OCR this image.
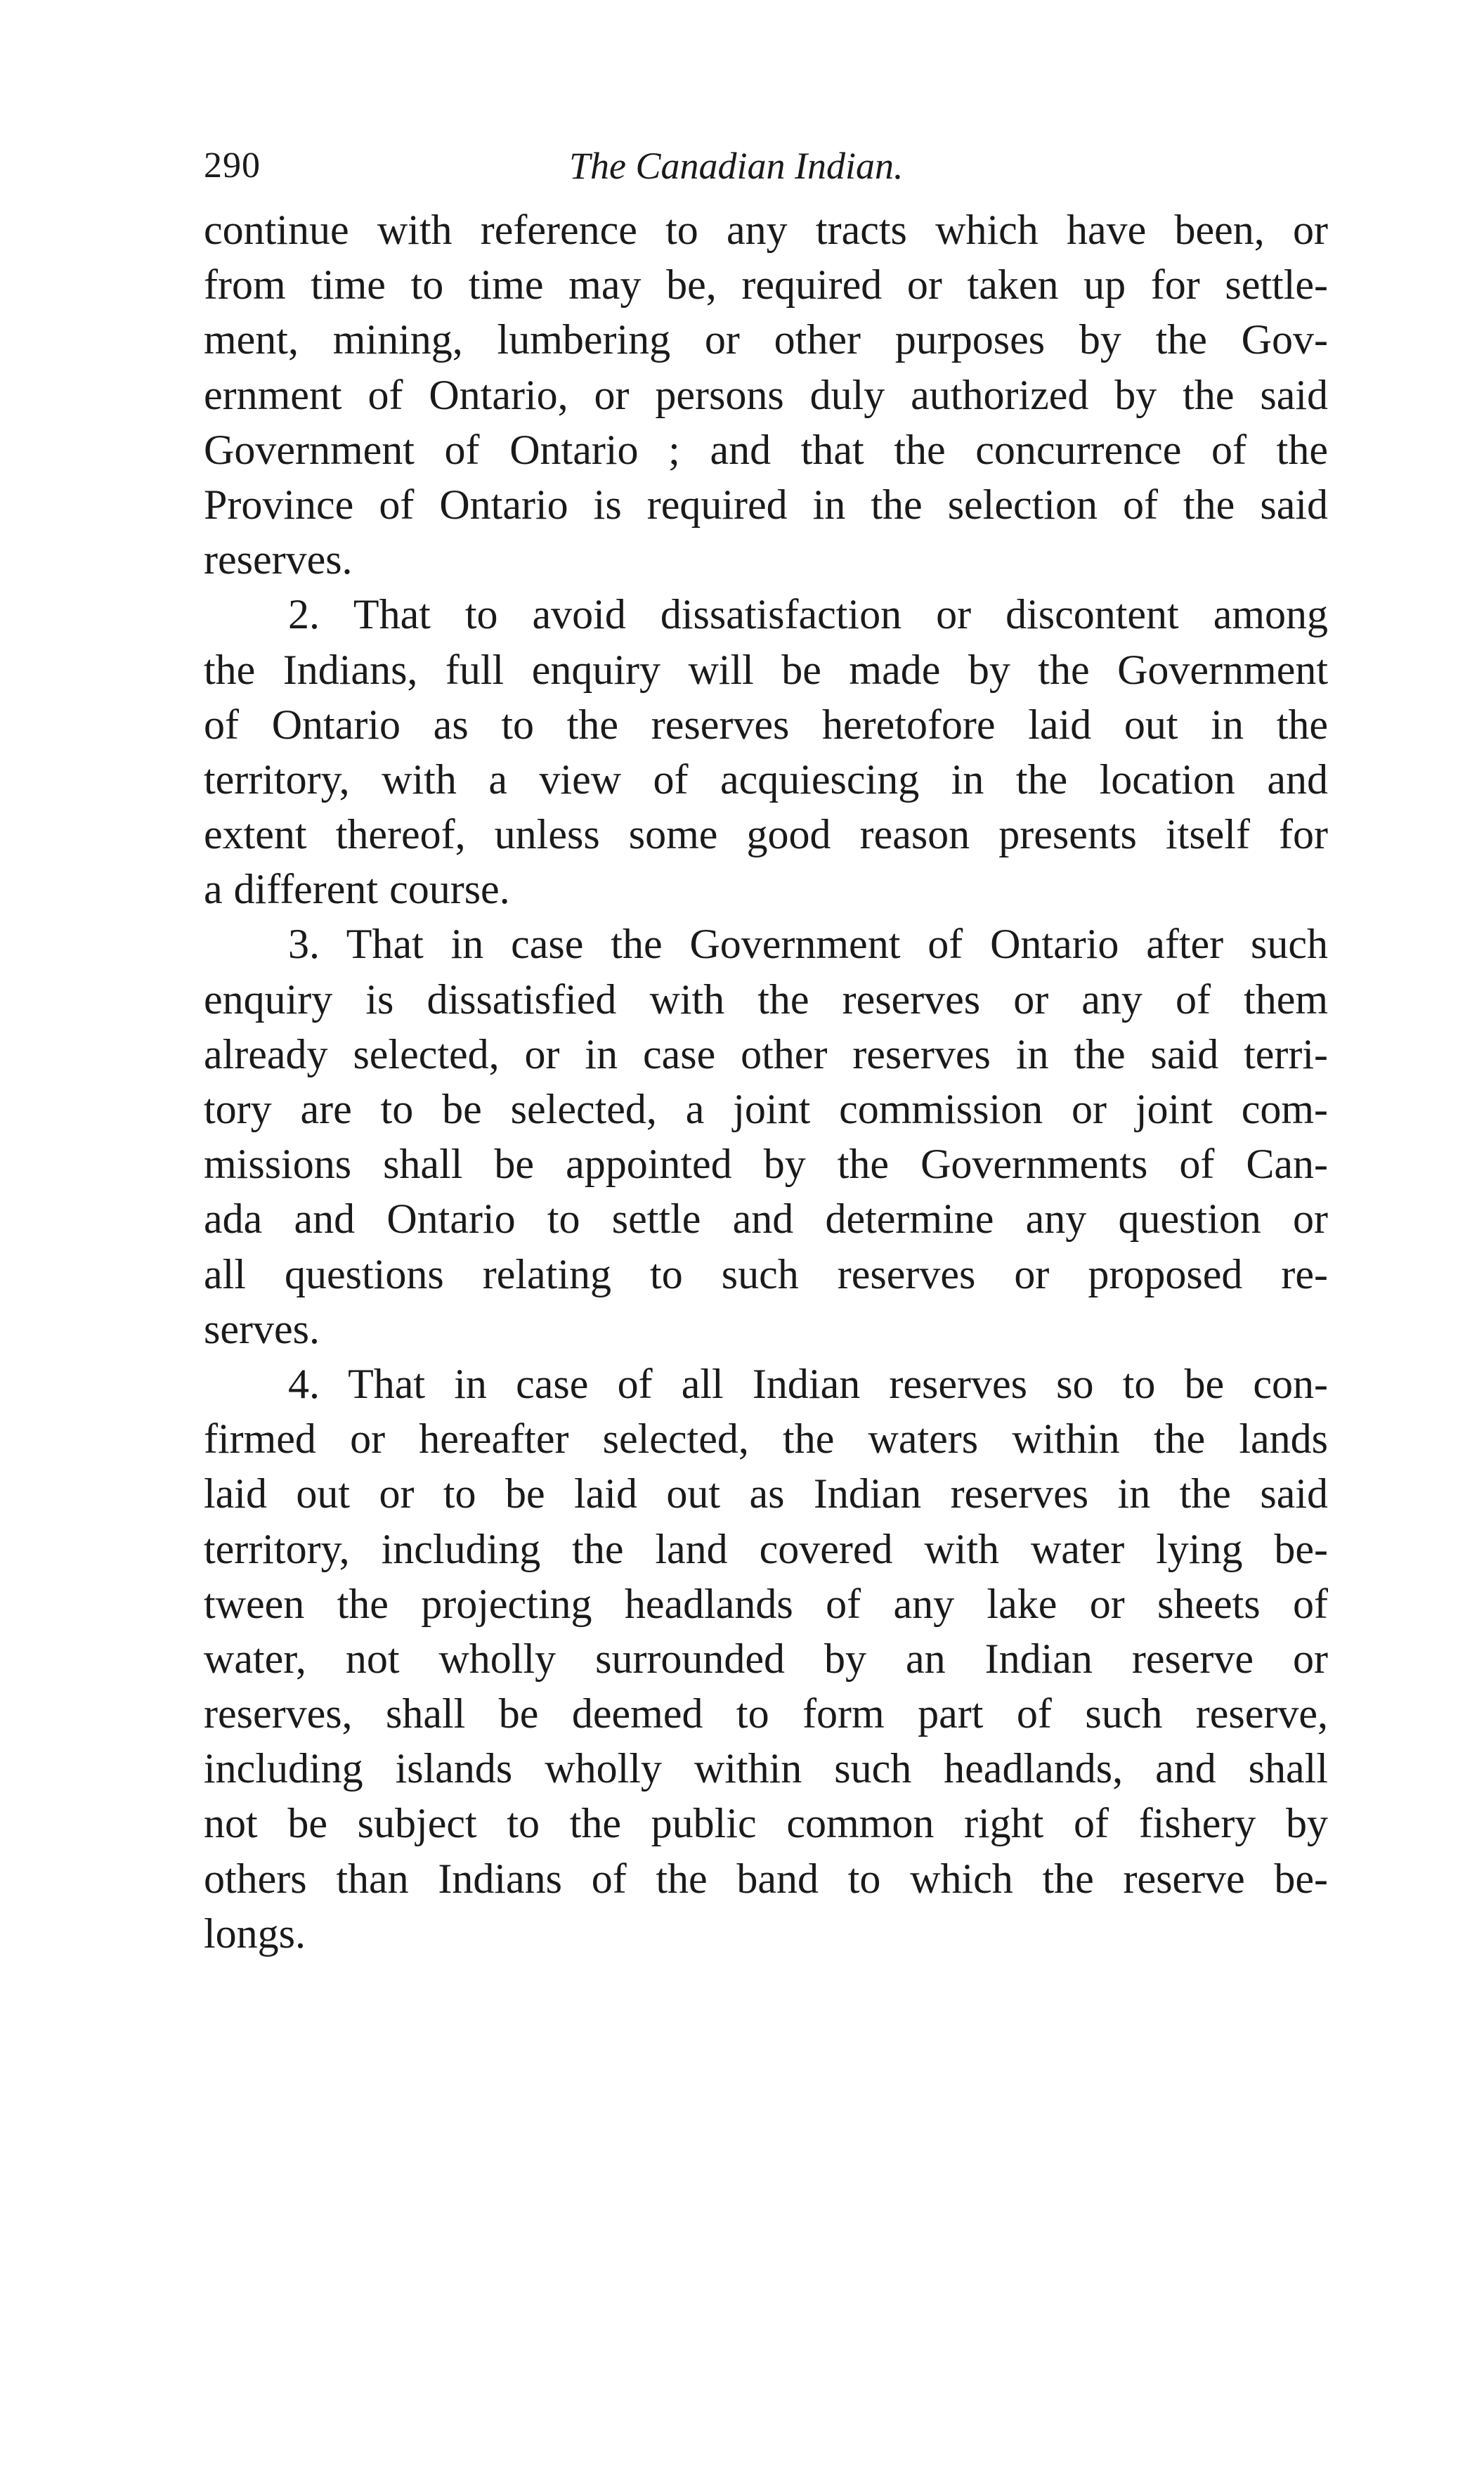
290	The Canadian Indian.
continue with reference to any tracts which have been, or
from time to time may be, required or taken up for settle-
ment, mining, lumbering or other purposes by the Gov-
ernment of Ontario, or persons duly authorized by the said
Government of Ontario ; and that the concurrence of the
Province of Ontario is required in the selection of the said
reserves.
2. That to avoid dissatisfaction or discontent among
the Indians, full enquiry will be made by the Government
of Ontario as to the reserves heretofore laid out in the
territory, with a view of acquiescing in the location and
extent thereof, unless some good reason presents itself for
a different course.
3. That in case the Government of Ontario after such
enquiry is dissatisfied with the reserves or any of them
already selected, or in case other reserves in the said terri-
tory are to be selected, a joint commission or joint com-
missions shall be appointed by the Governments of Can-
ada and Ontario to settle and determine any question or
all questions relating to such reserves or proposed re-
serves.
4. That in case of all Indian reserves so to be con-
firmed or hereafter selected, the waters within the lands
laid out or to be laid out as Indian reserves in the said
territory, including the land covered with water lying be-
tween the projecting headlands of any lake or sheets of
water, not wholly surrounded by an Indian reserve or
reserves, shall be deemed to form part of such reserve,
including islands wholly within such headlands, and shall
not be subject to the public common right of fishery by
others than Indians of the band to which the reserve be-
longs.
